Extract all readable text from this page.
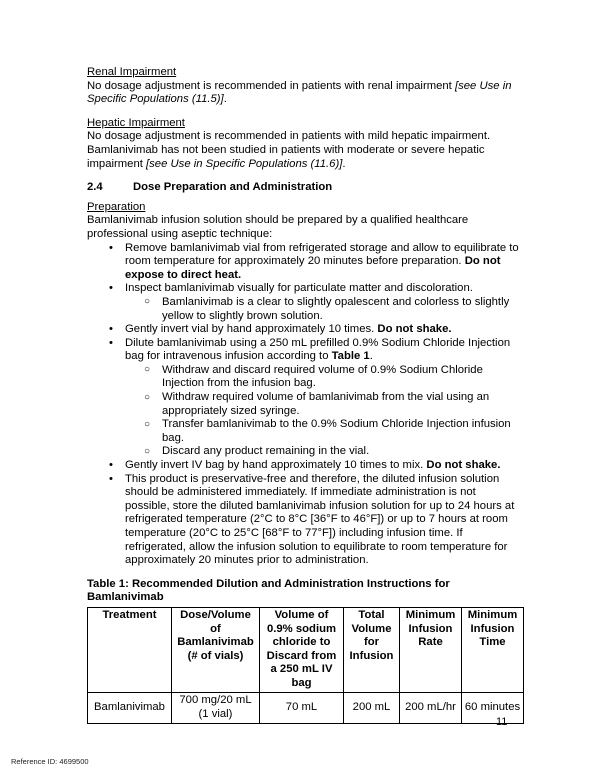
Renal Impairment

No dosage adjustment is recommended in patients with renal impairment [see Use in Specific Populations (11.5)].

Hepatic Impairment

No dosage adjustment is recommended in patients with mild hepatic impairment. Bamlanivimab has not been studied in patients with moderate or severe hepatic impairment [see Use in Specific Populations (11.6)].

2.4	Dose Preparation and Administration

Preparation

Bamlanivimab infusion solution should be prepared by a qualified healthcare professional using aseptic technique:

• Remove bamlanivimab vial from refrigerated storage and allow to equilibrate to room temperature for approximately 20 minutes before preparation. Do not expose to direct heat.
• Inspect bamlanivimab visually for particulate matter and discoloration.
○ Bamlanivimab is a clear to slightly opalescent and colorless to slightly yellow to slightly brown solution.
• Gently invert vial by hand approximately 10 times. Do not shake.
• Dilute bamlanivimab using a 250 mL prefilled 0.9% Sodium Chloride Injection bag for intravenous infusion according to Table 1.
○ Withdraw and discard required volume of 0.9% Sodium Chloride Injection from the infusion bag.
○ Withdraw required volume of bamlanivimab from the vial using an appropriately sized syringe.
○ Transfer bamlanivimab to the 0.9% Sodium Chloride Injection infusion bag.
○ Discard any product remaining in the vial.
• Gently invert IV bag by hand approximately 10 times to mix. Do not shake.
• This product is preservative-free and therefore, the diluted infusion solution should be administered immediately. If immediate administration is not possible, store the diluted bamlanivimab infusion solution for up to 24 hours at refrigerated temperature (2°C to 8°C [36°F to 46°F]) or up to 7 hours at room temperature (20°C to 25°C [68°F to 77°F]) including infusion time. If refrigerated, allow the infusion solution to equilibrate to room temperature for approximately 20 minutes prior to administration.

Table 1: Recommended Dilution and Administration Instructions for Bamlanivimab

Treatment	Dose/Volume of Bamlanivimab (# of vials)	Volume of 0.9% sodium chloride to Discard from a 250 mL IV bag	Total Volume for Infusion	Minimum Infusion Rate	Minimum Infusion Time
Bamlanivimab	700 mg/20 mL (1 vial)	70 mL	200 mL	200 mL/hr	60 minutes
11
Reference ID: 4699500
